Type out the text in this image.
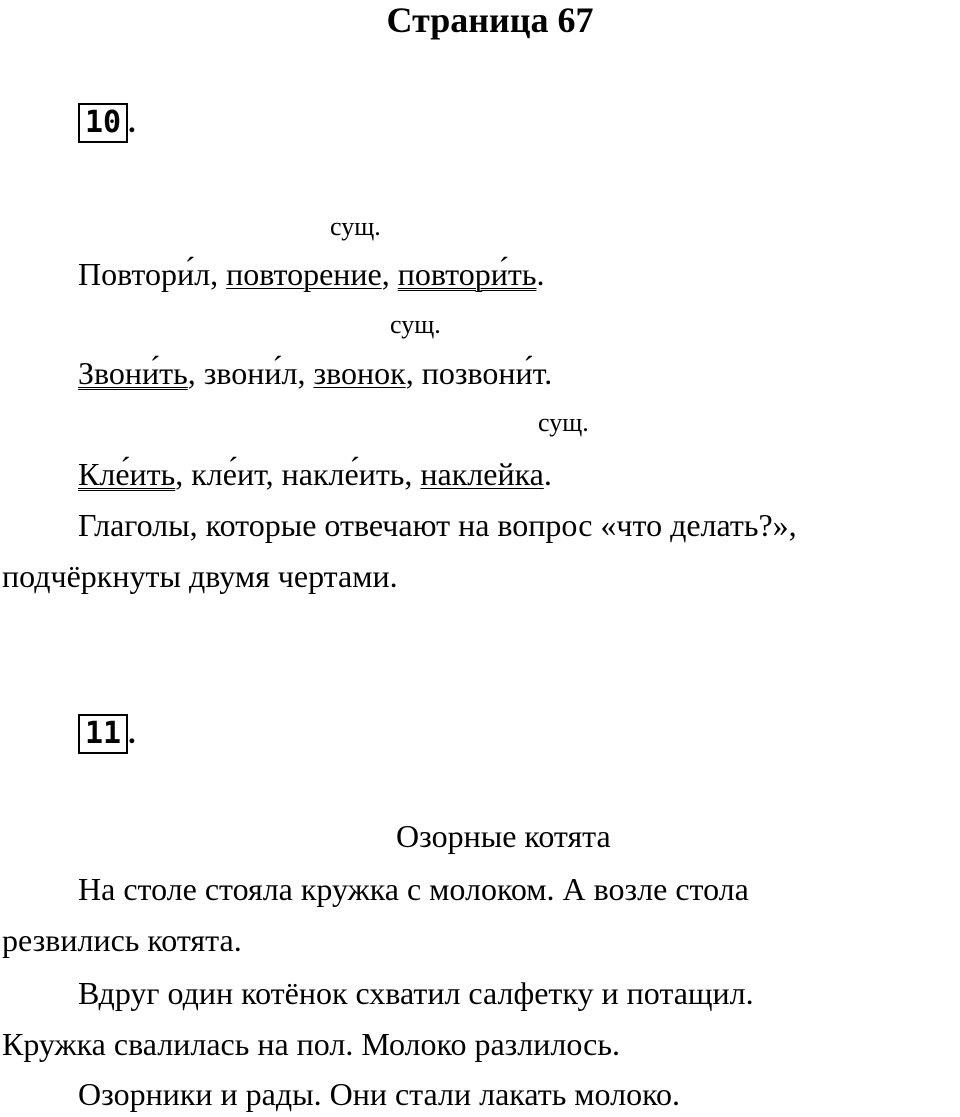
Страница 67
10 .
сущ.
Повтори́л, повторение, повтори́ть.
сущ.
Звони́ть, звони́л, звонок, позвони́т.
сущ.
Кле́ить, кле́ит, накле́ить, наклейка.
Глаголы, которые отвечают на вопрос «что делать?»,
подчёркнуты двумя чертами.
11 .
Озорные котята
На столе стояла кружка с молоком. А возле стола
резвились котята.
Вдруг один котёнок схватил салфетку и потащил.
Кружка свалилась на пол. Молоко разлилось.
Озорники и рады. Они стали лакать молоко.
